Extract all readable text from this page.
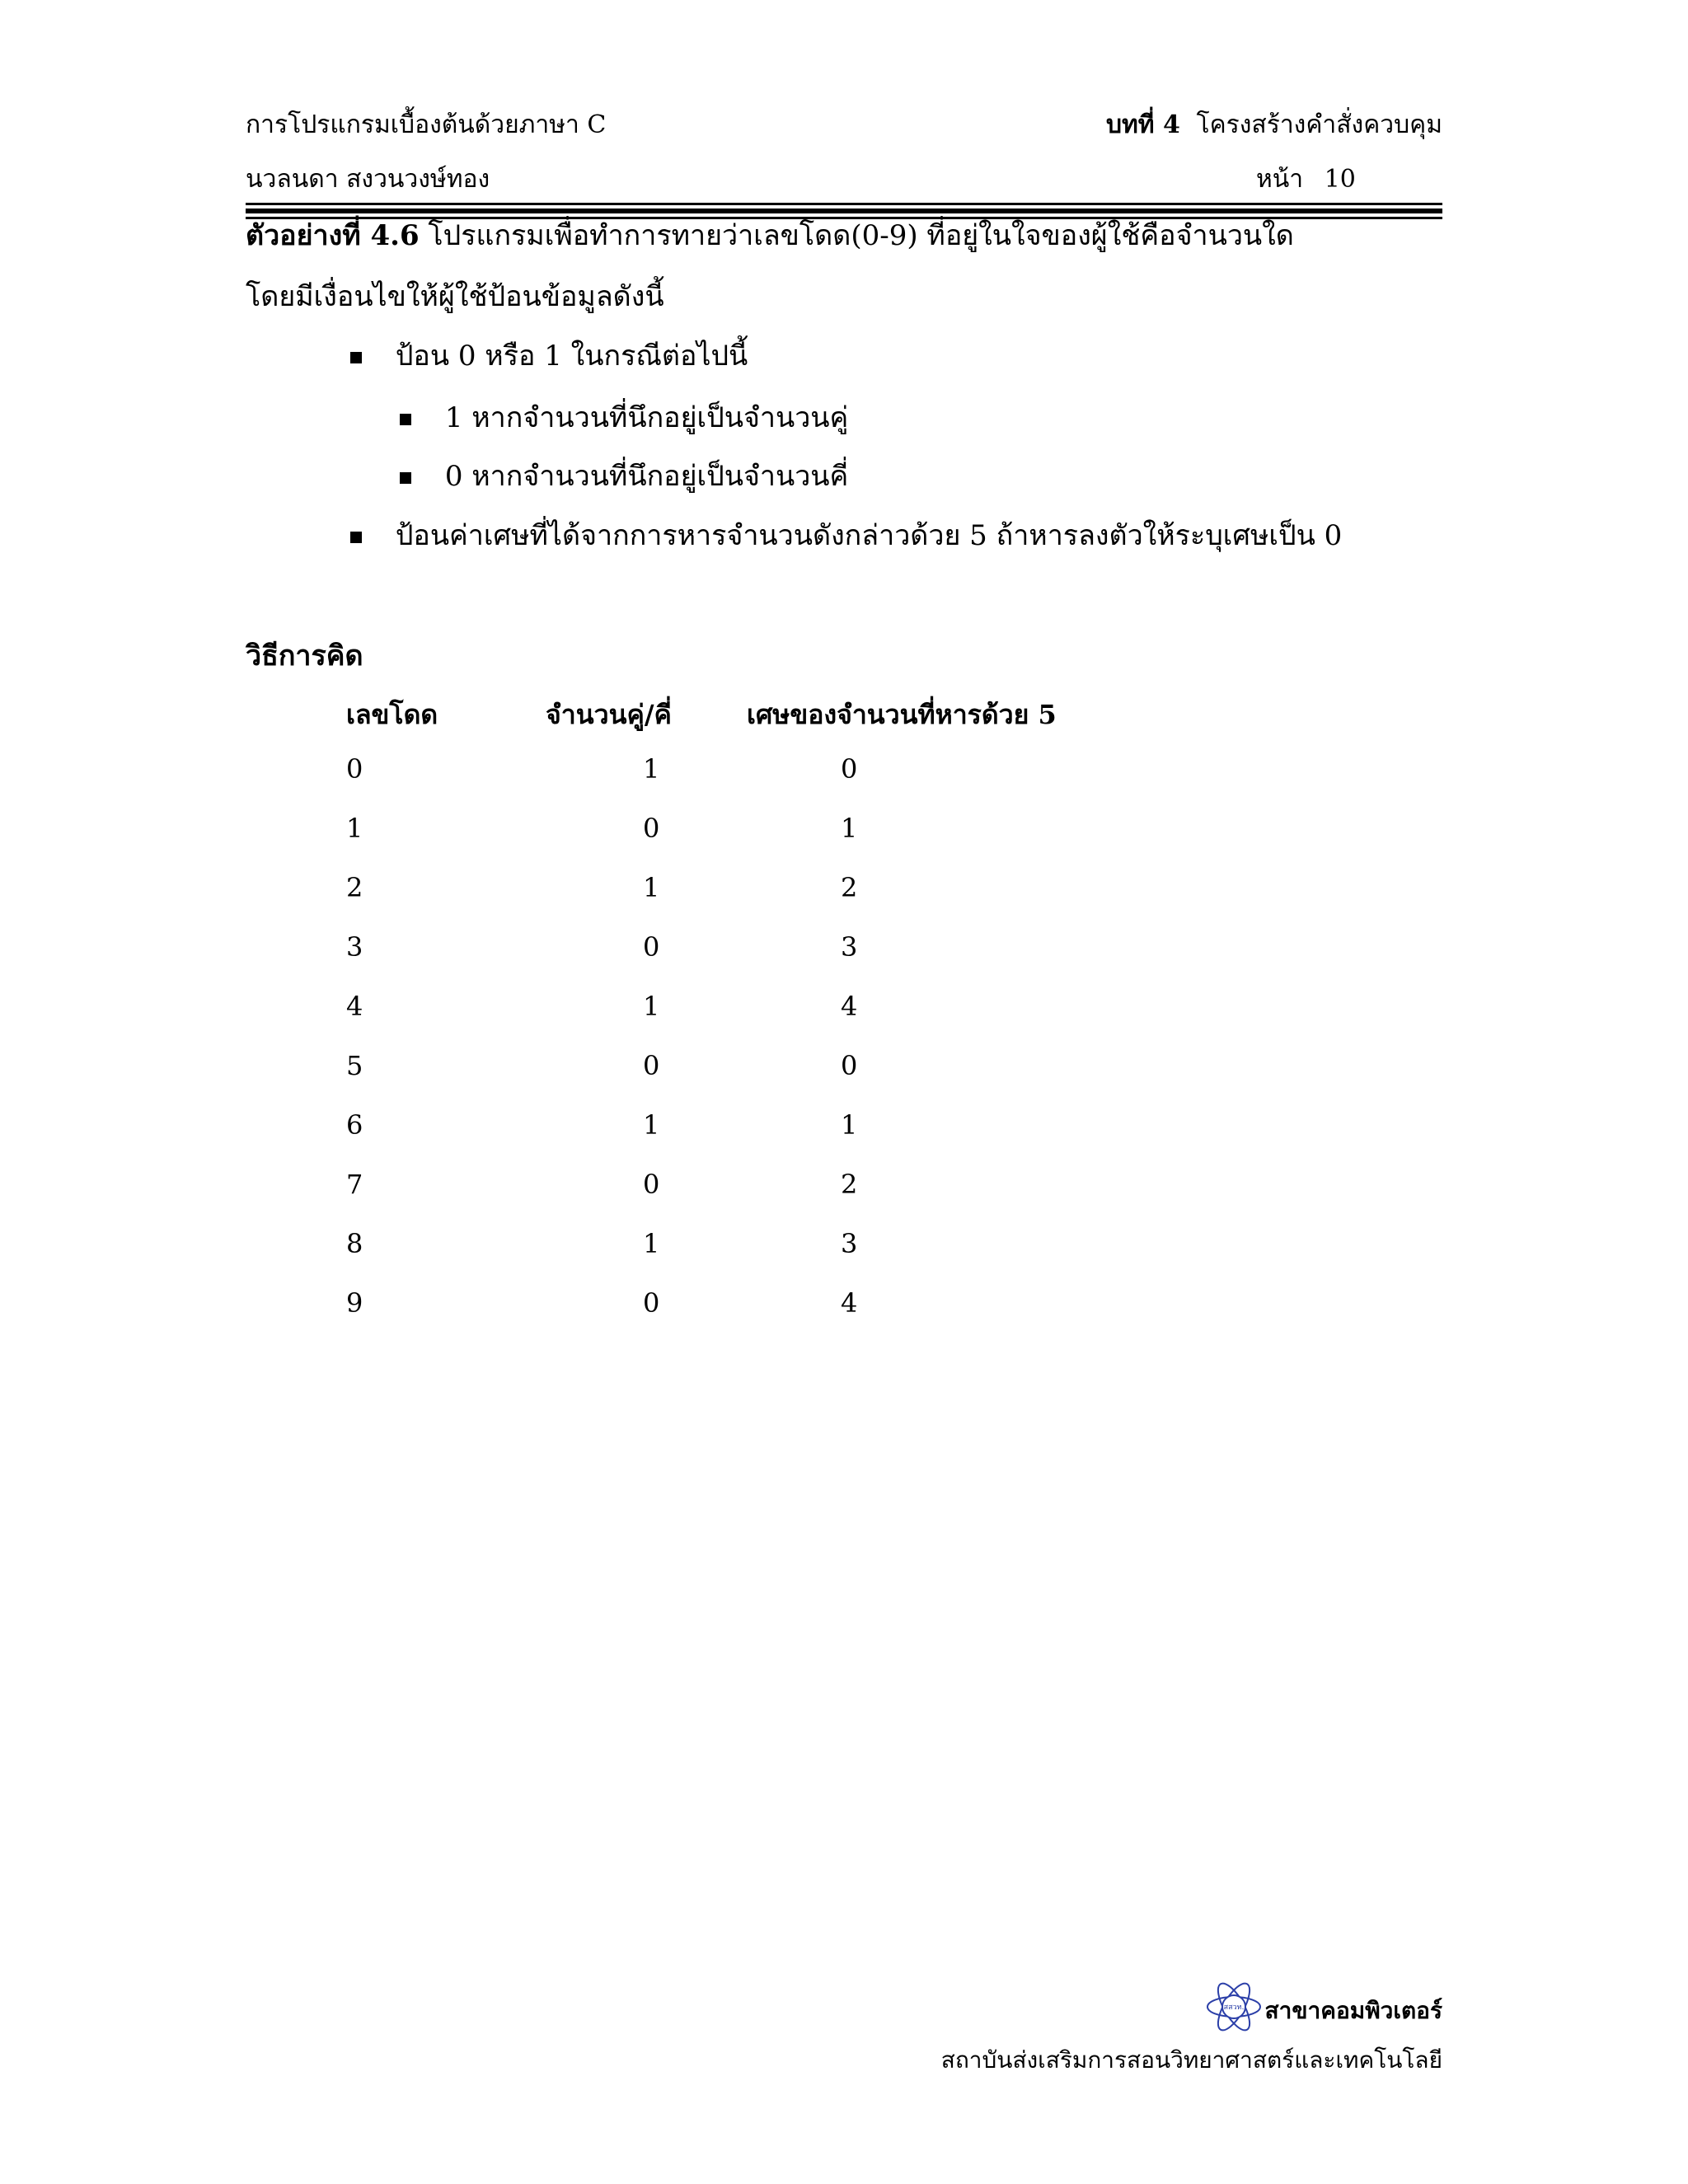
การโปรแกรมเบื้องต้นด้วยภาษา C	บทที่ 4 โครงสร้างคำสั่งควบคุม
นวลนดา สงวนวงษ์ทอง	หน้า 10
ตัวอย่างที่ 4.6 โปรแกรมเพื่อทำการทายว่าเลขโดด(0-9) ที่อยู่ในใจของผู้ใช้คือจำนวนใด
โดยมีเงื่อนไขให้ผู้ใช้ป้อนข้อมูลดังนี้
ป้อน 0 หรือ 1 ในกรณีต่อไปนี้
1 หากจำนวนที่นึกอยู่เป็นจำนวนคู่
0 หากจำนวนที่นึกอยู่เป็นจำนวนคี่
ป้อนค่าเศษที่ได้จากการหารจำนวนดังกล่าวด้วย 5 ถ้าหารลงตัวให้ระบุเศษเป็น 0
วิธีการคิด
เลขโดด	จำนวนคู่/คี่	เศษของจำนวนที่หารด้วย 5
0	1	0
1	0	1
2	1	2
3	0	3
4	1	4
5	0	0
6	1	1
7	0	2
8	1	3
9	0	4
สสวท. สาขาคอมพิวเตอร์
สถาบันส่งเสริมการสอนวิทยาศาสตร์และเทคโนโลยี
